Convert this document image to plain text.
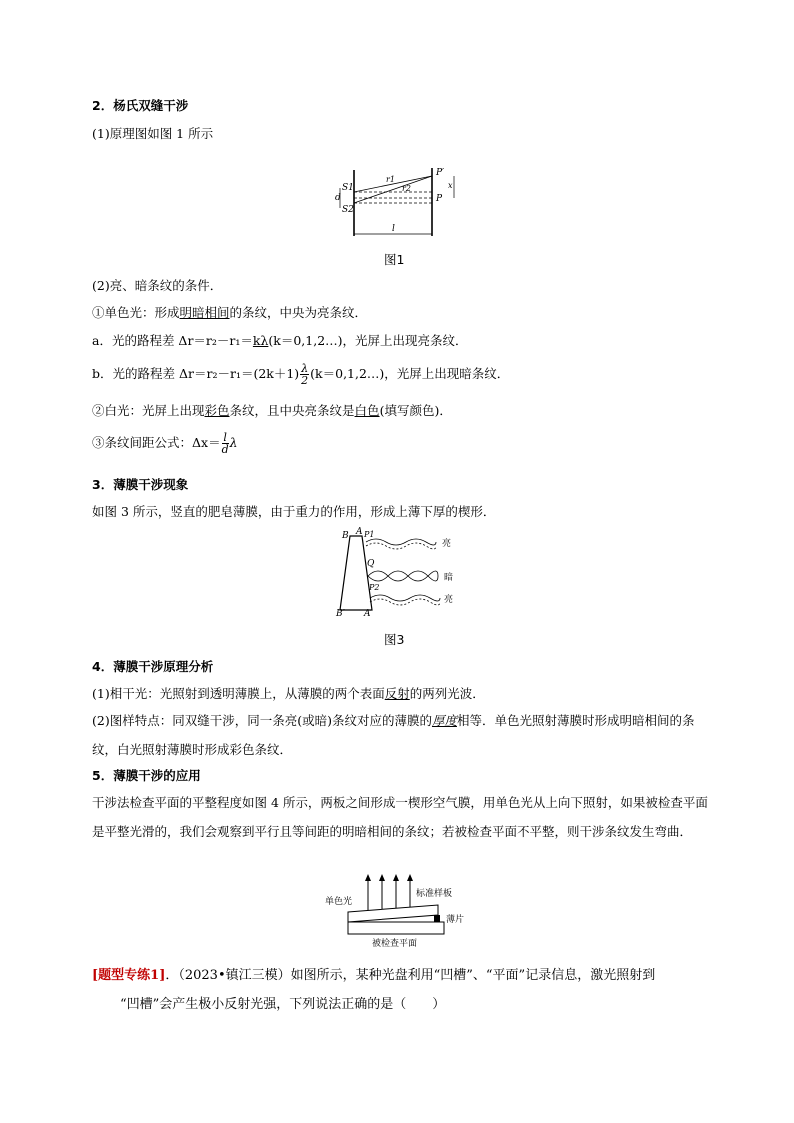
2．杨氏双缝干涉
(1)原理图如图 1 所示
S1
d
S2
r1
r2
P′
P
x
l
图1
(2)亮、暗条纹的条件．
①单色光：形成明暗相间的条纹，中央为亮条纹．
a．光的路程差 Δr＝r₂－r₁＝kλ(k＝0,1,2…)，光屏上出现亮条纹．
b．光的路程差 $\Delta r=r_2-r_1=(2k+1) \frac{\lambda}{2}$ (k＝0,1,2…)，光屏上出现暗条纹．
②白光：光屏上出现彩色条纹，且中央亮条纹是白色(填写颜色)．
③条纹间距公式：$\Delta x= \frac{l}{d}$ λ
3．薄膜干涉现象
如图 3 所示，竖直的肥皂薄膜，由于重力的作用，形成上薄下厚的楔形．
B A P1
Q
P2
B′ A′
亮
暗
亮
图3
4．薄膜干涉原理分析
(1)相干光：光照射到透明薄膜上，从薄膜的两个表面反射的两列光波．
(2)图样特点：同双缝干涉，同一条亮(或暗)条纹对应的薄膜的厚度相等．单色光照射薄膜时形成明暗相间的条纹，白光照射薄膜时形成彩色条纹．
5．薄膜干涉的应用
干涉法检查平面的平整程度如图 4 所示，两板之间形成一楔形空气膜，用单色光从上向下照射，如果被检查平面是平整光滑的，我们会观察到平行且等间距的明暗相间的条纹；若被检查平面不平整，则干涉条纹发生弯曲．
单色光
标准样板
薄片
被检查平面
[题型专练1]．（2023•镇江三模）如图所示，某种光盘利用“凹槽”、“平面”记录信息，激光照射到
“凹槽”会产生极小反射光强，下列说法正确的是（　　）
